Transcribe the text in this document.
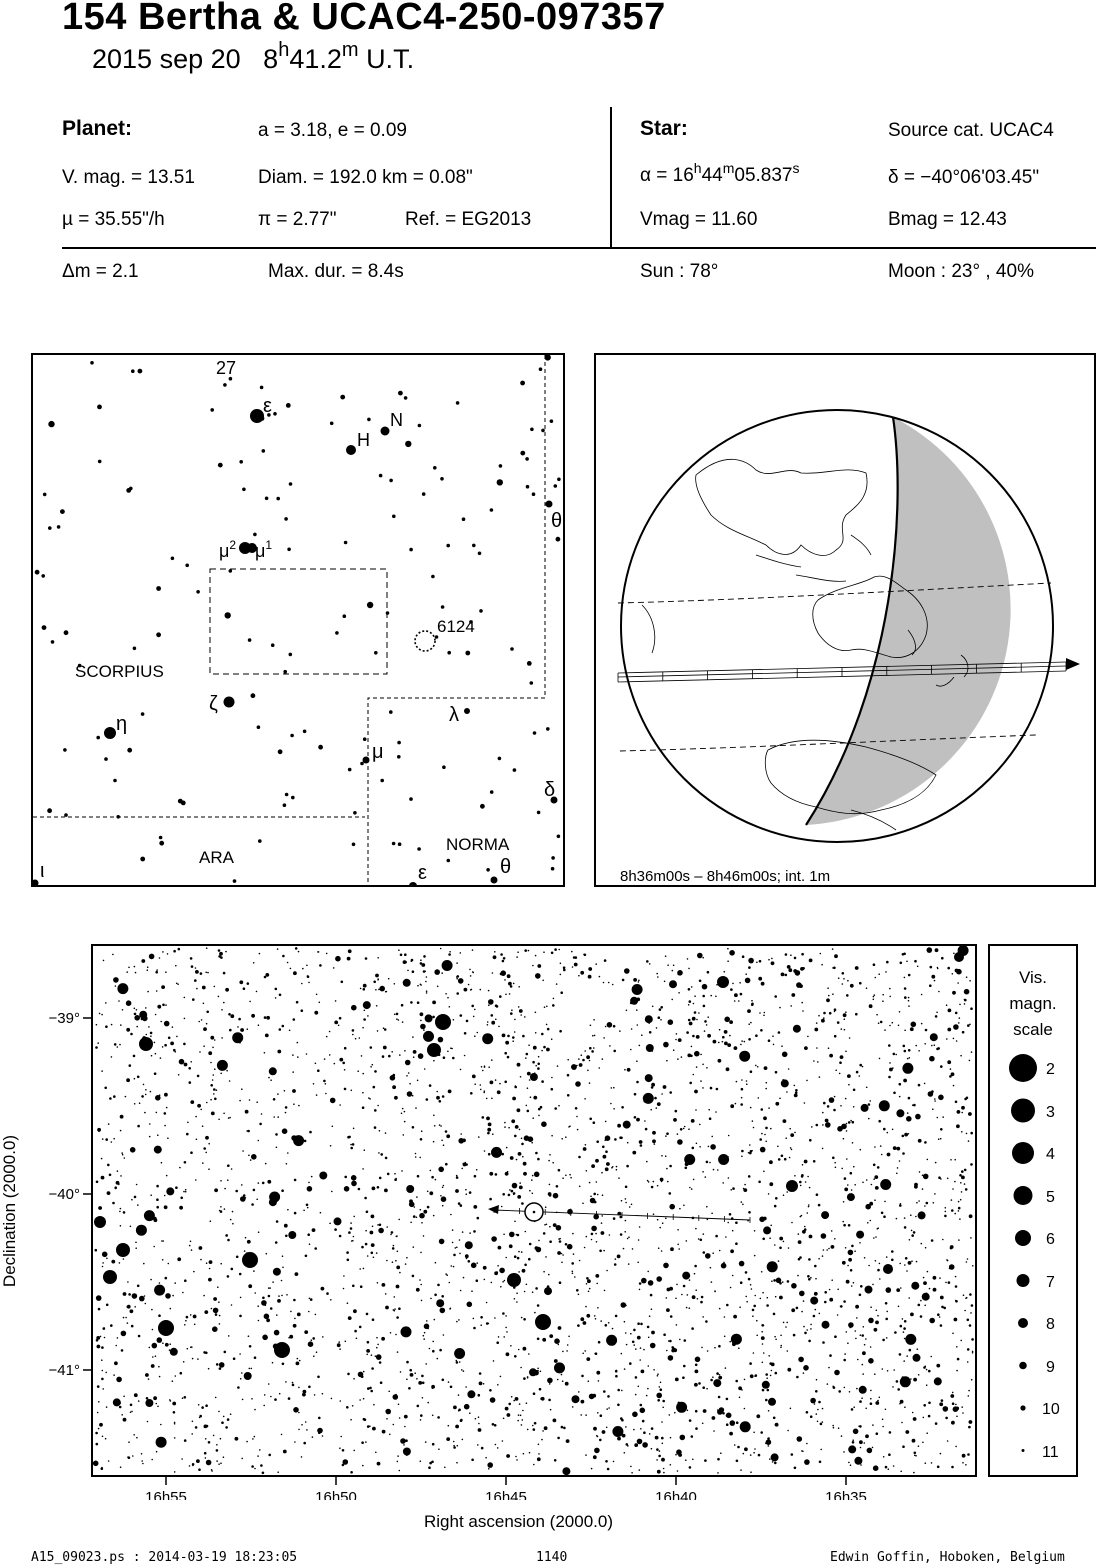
154 Bertha & UCAC4-250-097357
2015 sep 20 8$^h$41.2$^m$ U.T.
Planet:	a = 3.18, e = 0.09
V. mag. = 13.51	Diam. = 192.0 km = 0.08"
µ = 35.55"/h	π = 2.77"	Ref. = EG2013
Star:	Source cat. UCAC4
$\alpha = 16^h44^m05.837^s$	δ = −40°06'03.45"
Vmag = 11.60	Bmag = 12.43
Δm = 2.1	Max. dur. = 8.4s	Sun : 78°	Moon : 23° , 40%
27
ε
H
N
θ
$\mu^2$ $\mu^1$
6124
SCORPIUS
ζ
η	λ
μ
δ
ARA
NORMA
ι	ε	θ	8h36m00s – 8h46m00s; int. 1m
16h55	16h50	16h45	16h40	16h35
−39°
−40°
−41°
Declination (2000.0)
Right ascension (2000.0)
Vis.
magn.
scale
2
3
4
5
6
7
8
9
10
11
A15_09023.ps : 2014-03-19 18:23:05	1140	Edwin Goffin, Hoboken, Belgium
